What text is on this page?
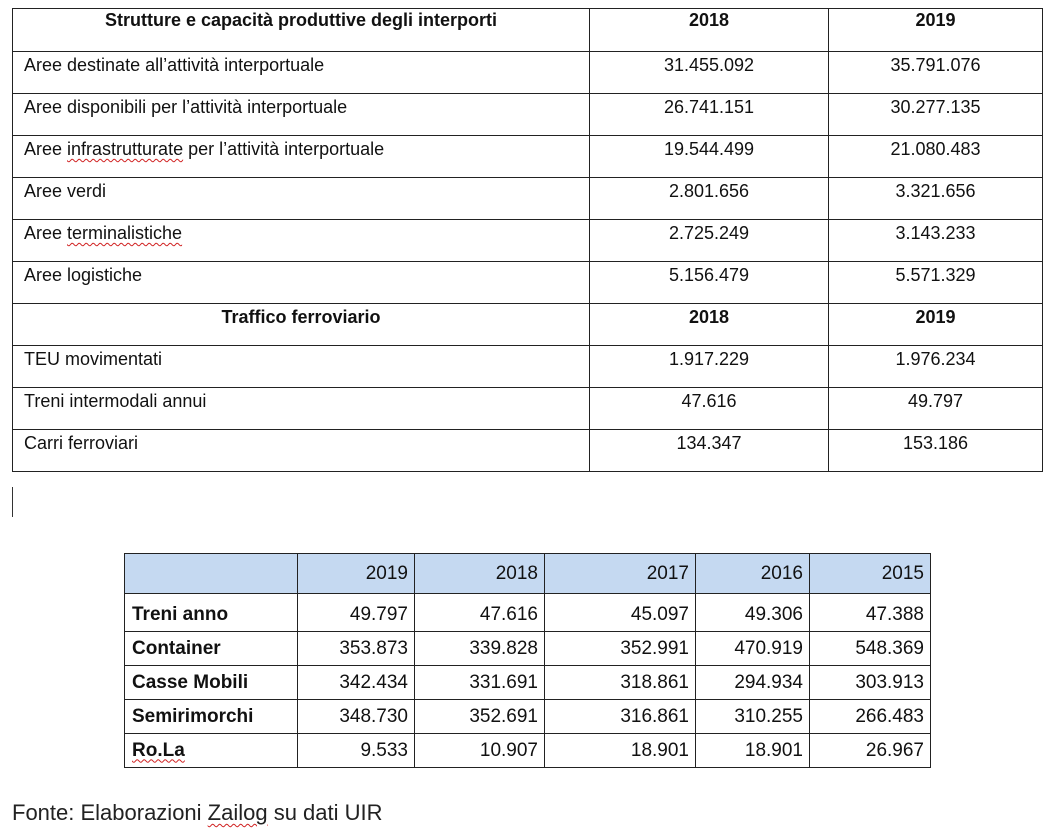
Strutture e capacità produttive degli interporti	2018	2019
Aree destinate all’attività interportuale	31.455.092	35.791.076
Aree disponibili per l’attività interportuale	26.741.151	30.277.135
Aree infrastrutturate per l’attività interportuale	19.544.499	21.080.483
Aree verdi	2.801.656	3.321.656
Aree terminalistiche	2.725.249	3.143.233
Aree logistiche	5.156.479	5.571.329
Traffico ferroviario	2018	2019
TEU movimentati	1.917.229	1.976.234
Treni intermodali annui	47.616	49.797
Carri ferroviari	134.347	153.186
	2019	2018	2017	2016	2015
Treni anno	49.797	47.616	45.097	49.306	47.388
Container	353.873	339.828	352.991	470.919	548.369
Casse Mobili	342.434	331.691	318.861	294.934	303.913
Semirimorchi	348.730	352.691	316.861	310.255	266.483
Ro.La	9.533	10.907	18.901	18.901	26.967
Fonte: Elaborazioni Zailog su dati UIR
